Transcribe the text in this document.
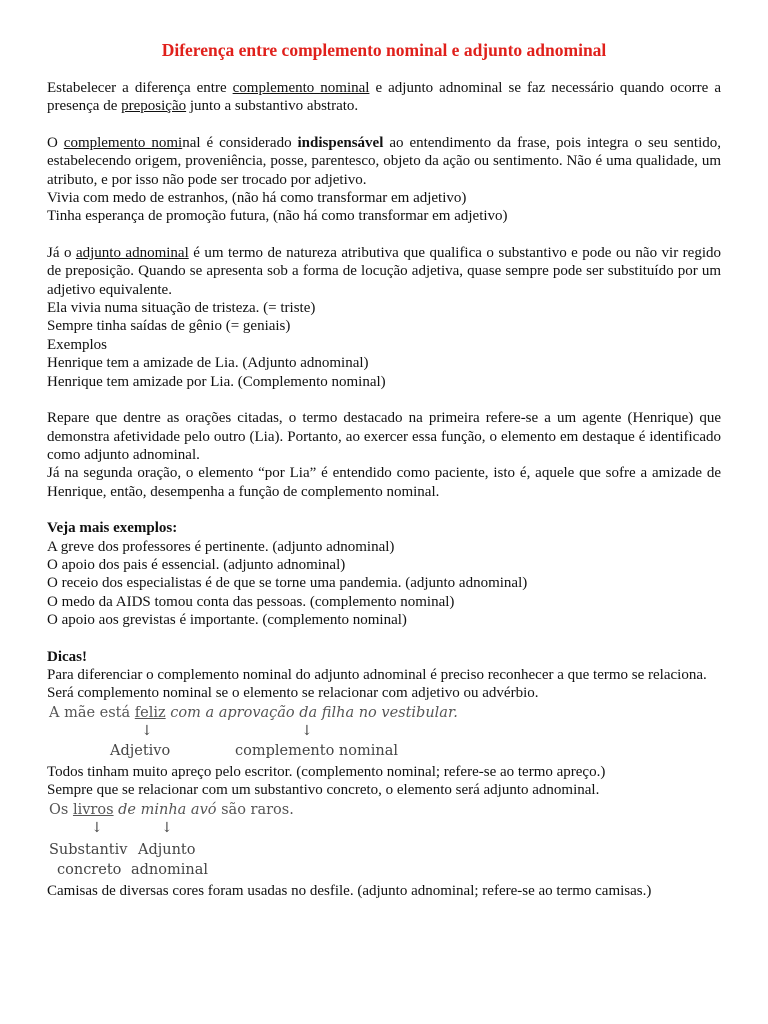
Diferença entre complemento nominal e adjunto adnominal

Estabelecer a diferença entre complemento nominal e adjunto adnominal se faz necessário quando ocorre a presença de preposição junto a substantivo abstrato.

O complemento nominal é considerado indispensável ao entendimento da frase, pois integra o seu sentido, estabelecendo origem, proveniência, posse, parentesco, objeto da ação ou sentimento. Não é uma qualidade, um atributo, e por isso não pode ser trocado por adjetivo.

Vivia com medo de estranhos, (não há como transformar em adjetivo)

Tinha esperança de promoção futura, (não há como transformar em adjetivo)

Já o adjunto adnominal é um termo de natureza atributiva que qualifica o substantivo e pode ou não vir regido de preposição. Quando se apresenta sob a forma de locução adjetiva, quase sempre pode ser substituído por um adjetivo equivalente.

Ela vivia numa situação de tristeza. (= triste)

Sempre tinha saídas de gênio (= geniais)

Exemplos

Henrique tem a amizade de Lia. (Adjunto adnominal)

Henrique tem amizade por Lia. (Complemento nominal)

Repare que dentre as orações citadas, o termo destacado na primeira refere-se a um agente (Henrique) que demonstra afetividade pelo outro (Lia). Portanto, ao exercer essa função, o elemento em destaque é identificado como adjunto adnominal.

Já na segunda oração, o elemento “por Lia” é entendido como paciente, isto é, aquele que sofre a amizade de Henrique, então, desempenha a função de complemento nominal.

Veja mais exemplos:

A greve dos professores é pertinente. (adjunto adnominal)

O apoio dos pais é essencial. (adjunto adnominal)

O receio dos especialistas é de que se torne uma pandemia. (adjunto adnominal)

O medo da AIDS tomou conta das pessoas. (complemento nominal)

O apoio aos grevistas é importante. (complemento nominal)

Dicas!

Para diferenciar o complemento nominal do adjunto adnominal é preciso reconhecer a que termo se relaciona.

Será complemento nominal se o elemento se relacionar com adjetivo ou advérbio.

A mãe está feliz com a aprovação da filha no vestibular.
↓	↓
Adjetivo	complemento nominal

Todos tinham muito apreço pelo escritor. (complemento nominal; refere-se ao termo apreço.)

Sempre que se relacionar com um substantivo concreto, o elemento será adjunto adnominal.

Os livros de minha avó são raros.
↓	↓
Substantiv
concreto
Adjunto
adnominal

Camisas de diversas cores foram usadas no desfile. (adjunto adnominal; refere-se ao termo camisas.)
